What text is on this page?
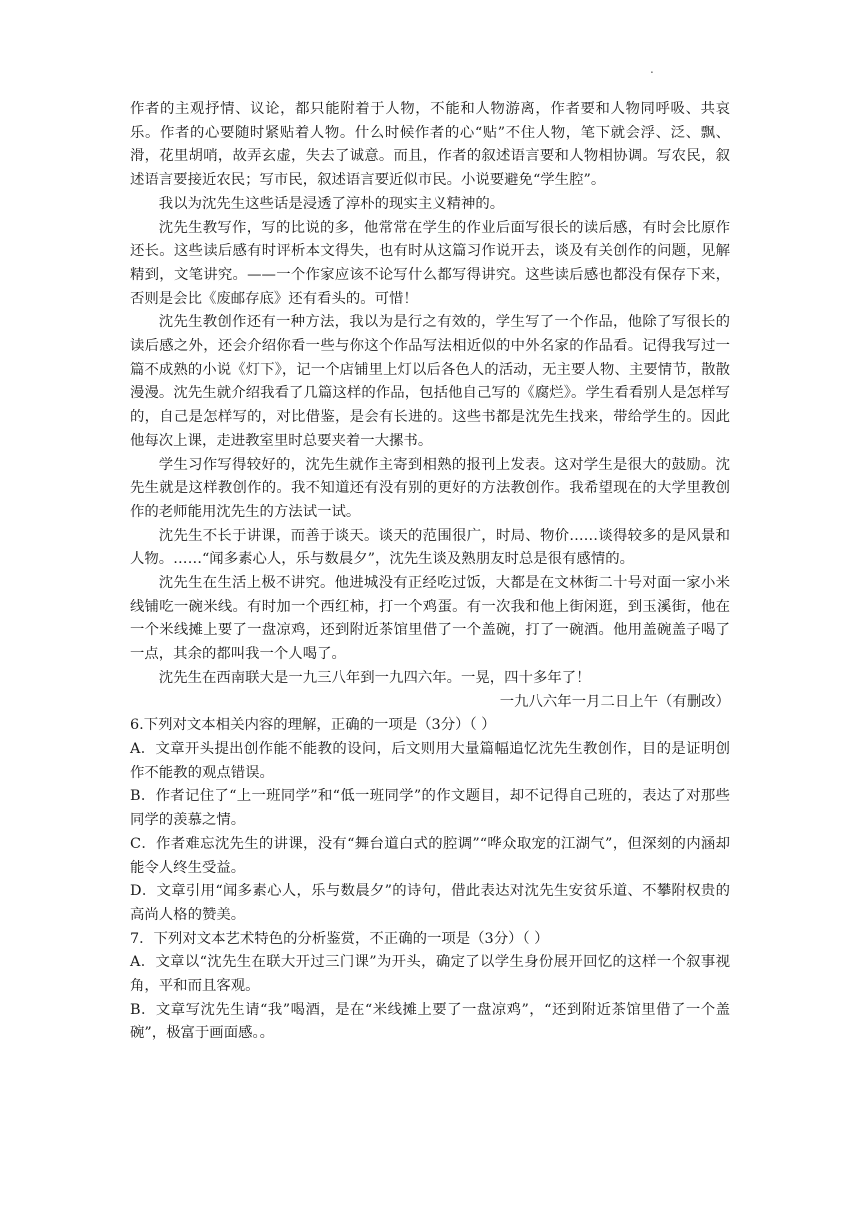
.

作者的主观抒情、议论，都只能附着于人物，不能和人物游离，作者要和人物同呼吸、共哀乐。作者的心要随时紧贴着人物。什么时候作者的心“贴”不住人物，笔下就会浮、泛、飘、滑，花里胡哨，故弄玄虚，失去了诚意。而且，作者的叙述语言要和人物相协调。写农民，叙述语言要接近农民；写市民，叙述语言要近似市民。小说要避免“学生腔”。

我以为沈先生这些话是浸透了淳朴的现实主义精神的。

沈先生教写作，写的比说的多，他常常在学生的作业后面写很长的读后感，有时会比原作还长。这些读后感有时评析本文得失，也有时从这篇习作说开去，谈及有关创作的问题，见解精到，文笔讲究。——一个作家应该不论写什么都写得讲究。这些读后感也都没有保存下来，否则是会比《废邮存底》还有看头的。可惜！

沈先生教创作还有一种方法，我以为是行之有效的，学生写了一个作品，他除了写很长的读后感之外，还会介绍你看一些与你这个作品写法相近似的中外名家的作品看。记得我写过一篇不成熟的小说《灯下》，记一个店铺里上灯以后各色人的活动，无主要人物、主要情节，散散漫漫。沈先生就介绍我看了几篇这样的作品，包括他自己写的《腐烂》。学生看看别人是怎样写的，自己是怎样写的，对比借鉴，是会有长进的。这些书都是沈先生找来，带给学生的。因此他每次上课，走进教室里时总要夹着一大摞书。

学生习作写得较好的，沈先生就作主寄到相熟的报刊上发表。这对学生是很大的鼓励。沈先生就是这样教创作的。我不知道还有没有别的更好的方法教创作。我希望现在的大学里教创作的老师能用沈先生的方法试一试。

沈先生不长于讲课，而善于谈天。谈天的范围很广，时局、物价……谈得较多的是风景和人物。……“闻多素心人，乐与数晨夕”，沈先生谈及熟朋友时总是很有感情的。

沈先生在生活上极不讲究。他进城没有正经吃过饭，大都是在文林街二十号对面一家小米线铺吃一碗米线。有时加一个西红柿，打一个鸡蛋。有一次我和他上街闲逛，到玉溪街，他在一个米线摊上要了一盘凉鸡，还到附近茶馆里借了一个盖碗，打了一碗酒。他用盖碗盖子喝了一点，其余的都叫我一个人喝了。

沈先生在西南联大是一九三八年到一九四六年。一晃，四十多年了！

一九八六年一月二日上午（有删改）

6.下列对文本相关内容的理解，正确的一项是（3分）（ ）

A．文章开头提出创作能不能教的设问，后文则用大量篇幅追忆沈先生教创作，目的是证明创作不能教的观点错误。

B．作者记住了“上一班同学”和“低一班同学”的作文题目，却不记得自己班的，表达了对那些同学的羡慕之情。

C．作者难忘沈先生的讲课，没有“舞台道白式的腔调”“哗众取宠的江湖气”，但深刻的内涵却能令人终生受益。

D．文章引用“闻多素心人，乐与数晨夕”的诗句，借此表达对沈先生安贫乐道、不攀附权贵的高尚人格的赞美。

7．下列对文本艺术特色的分析鉴赏，不正确的一项是（3分）（ ）

A．文章以“沈先生在联大开过三门课”为开头，确定了以学生身份展开回忆的这样一个叙事视角，平和而且客观。

B．文章写沈先生请“我”喝酒，是在“米线摊上要了一盘凉鸡”，“还到附近茶馆里借了一个盖碗”，极富于画面感。。
